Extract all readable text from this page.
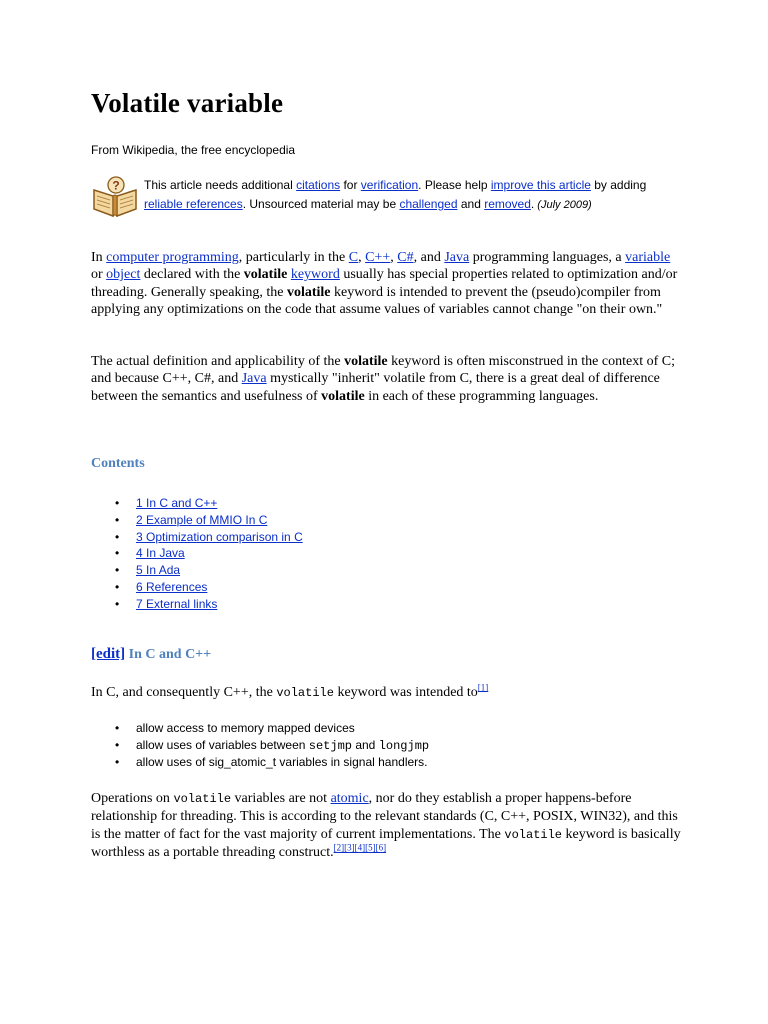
Volatile variable
From Wikipedia, the free encyclopedia
? This article needs additional citations for verification. Please help improve this article by adding reliable references. Unsourced material may be challenged and removed. (July 2009)

In computer programming, particularly in the C, C++, C#, and Java programming languages, a variable or object declared with the volatile keyword usually has special properties related to optimization and/or threading. Generally speaking, the volatile keyword is intended to prevent the (pseudo)compiler from applying any optimizations on the code that assume values of variables cannot change "on their own."

The actual definition and applicability of the volatile keyword is often misconstrued in the context of C; and because C++, C#, and Java mystically "inherit" volatile from C, there is a great deal of difference between the semantics and usefulness of volatile in each of these programming languages.

Contents
• 1 In C and C++
• 2 Example of MMIO In C
• 3 Optimization comparison in C
• 4 In Java
• 5 In Ada
• 6 References
• 7 External links
[edit] In C and C++

In C, and consequently C++, the volatile keyword was intended to[1]

• allow access to memory mapped devices
• allow uses of variables between setjmp and longjmp
• allow uses of sig_atomic_t variables in signal handlers.

Operations on volatile variables are not atomic, nor do they establish a proper happens-before relationship for threading. This is according to the relevant standards (C, C++, POSIX, WIN32), and this is the matter of fact for the vast majority of current implementations. The volatile keyword is basically worthless as a portable threading construct.[2][3][4][5][6]
